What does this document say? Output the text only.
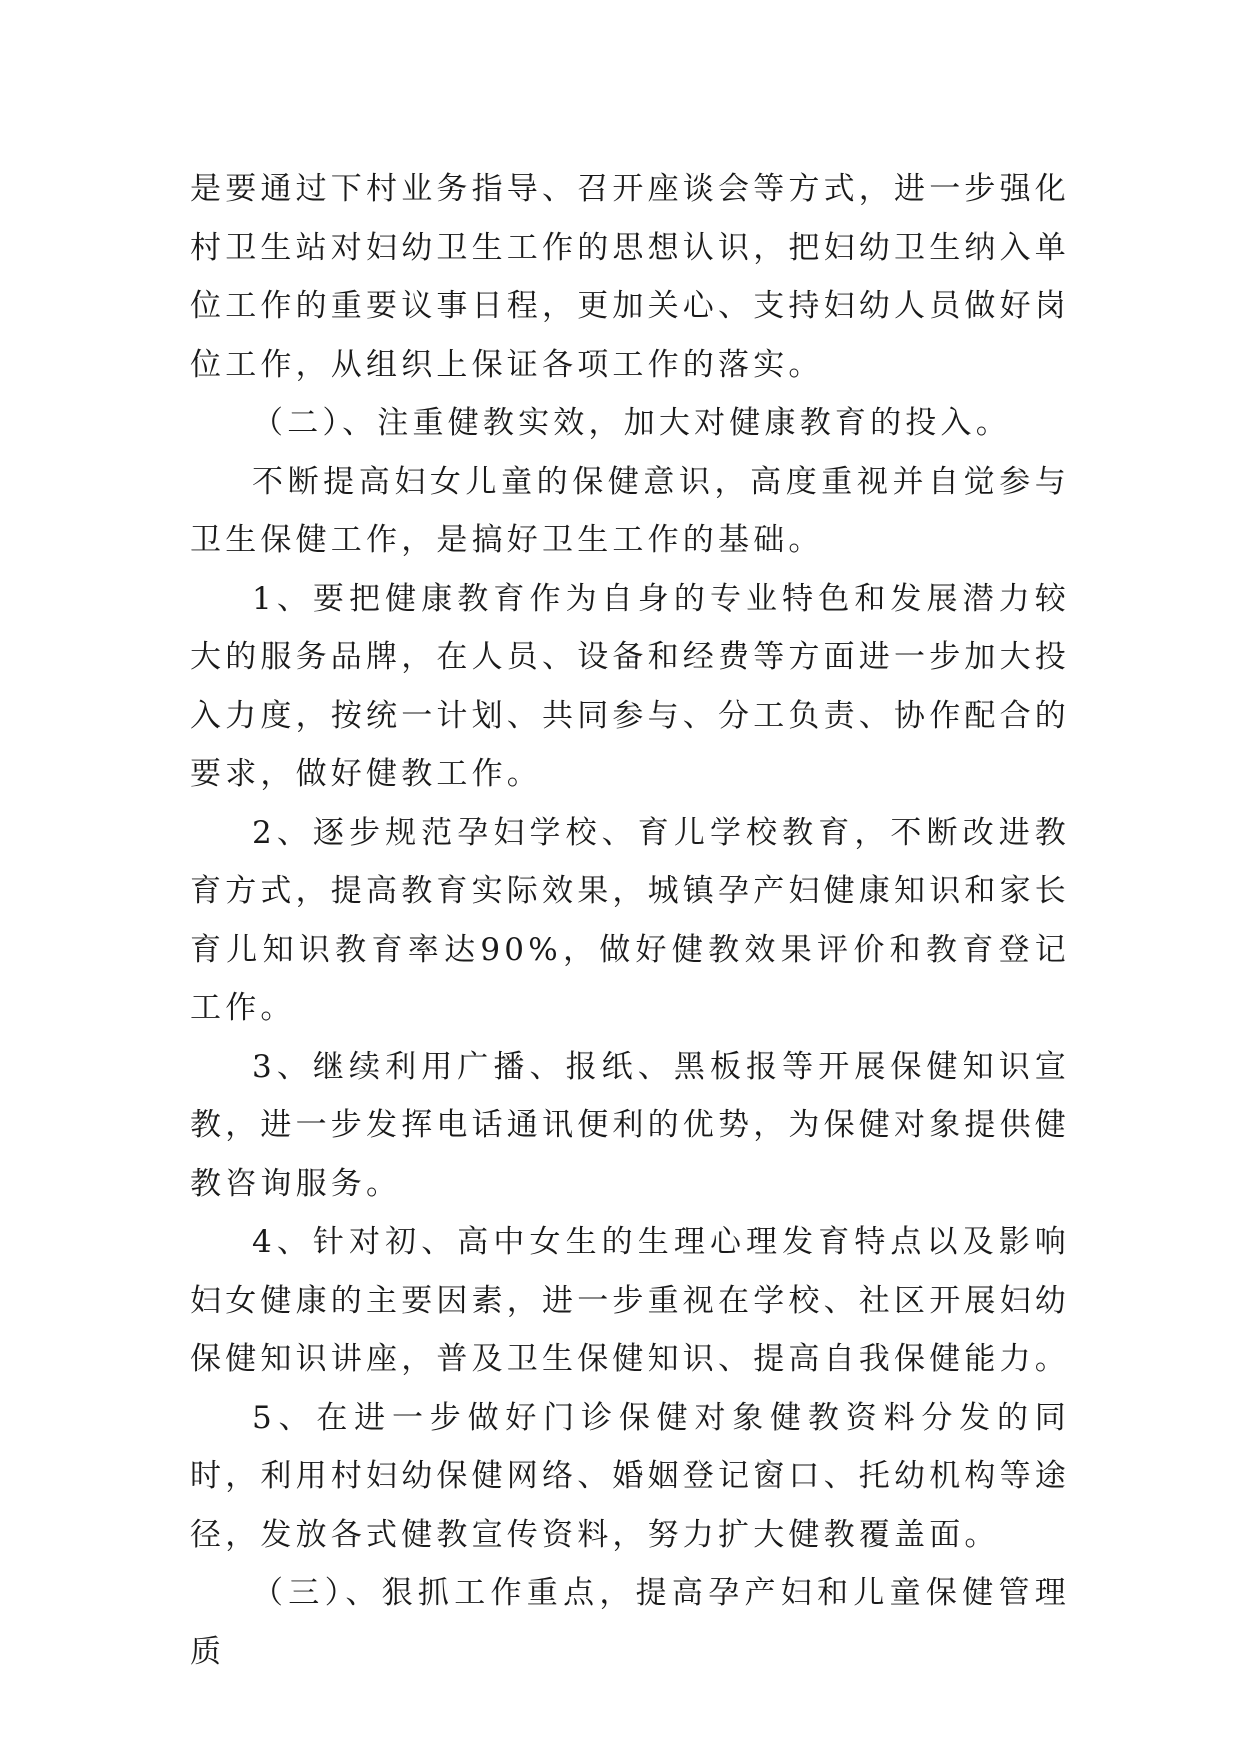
是要通过下村业务指导、召开座谈会等方式，进一步强化村卫生站对妇幼卫生工作的思想认识，把妇幼卫生纳入单位工作的重要议事日程，更加关心、支持妇幼人员做好岗位工作，从组织上保证各项工作的落实。

（二）、注重健教实效，加大对健康教育的投入。

不断提高妇女儿童的保健意识，高度重视并自觉参与卫生保健工作，是搞好卫生工作的基础。

1、要把健康教育作为自身的专业特色和发展潜力较大的服务品牌，在人员、设备和经费等方面进一步加大投入力度，按统一计划、共同参与、分工负责、协作配合的要求，做好健教工作。

2、逐步规范孕妇学校、育儿学校教育，不断改进教育方式，提高教育实际效果，城镇孕产妇健康知识和家长育儿知识教育率达90%，做好健教效果评价和教育登记工作。

3、继续利用广播、报纸、黑板报等开展保健知识宣教，进一步发挥电话通讯便利的优势，为保健对象提供健教咨询服务。

4、针对初、高中女生的生理心理发育特点以及影响妇女健康的主要因素，进一步重视在学校、社区开展妇幼保健知识讲座，普及卫生保健知识、提高自我保健能力。

5、在进一步做好门诊保健对象健教资料分发的同时，利用村妇幼保健网络、婚姻登记窗口、托幼机构等途径，发放各式健教宣传资料，努力扩大健教覆盖面。

（三）、狠抓工作重点，提高孕产妇和儿童保健管理质
